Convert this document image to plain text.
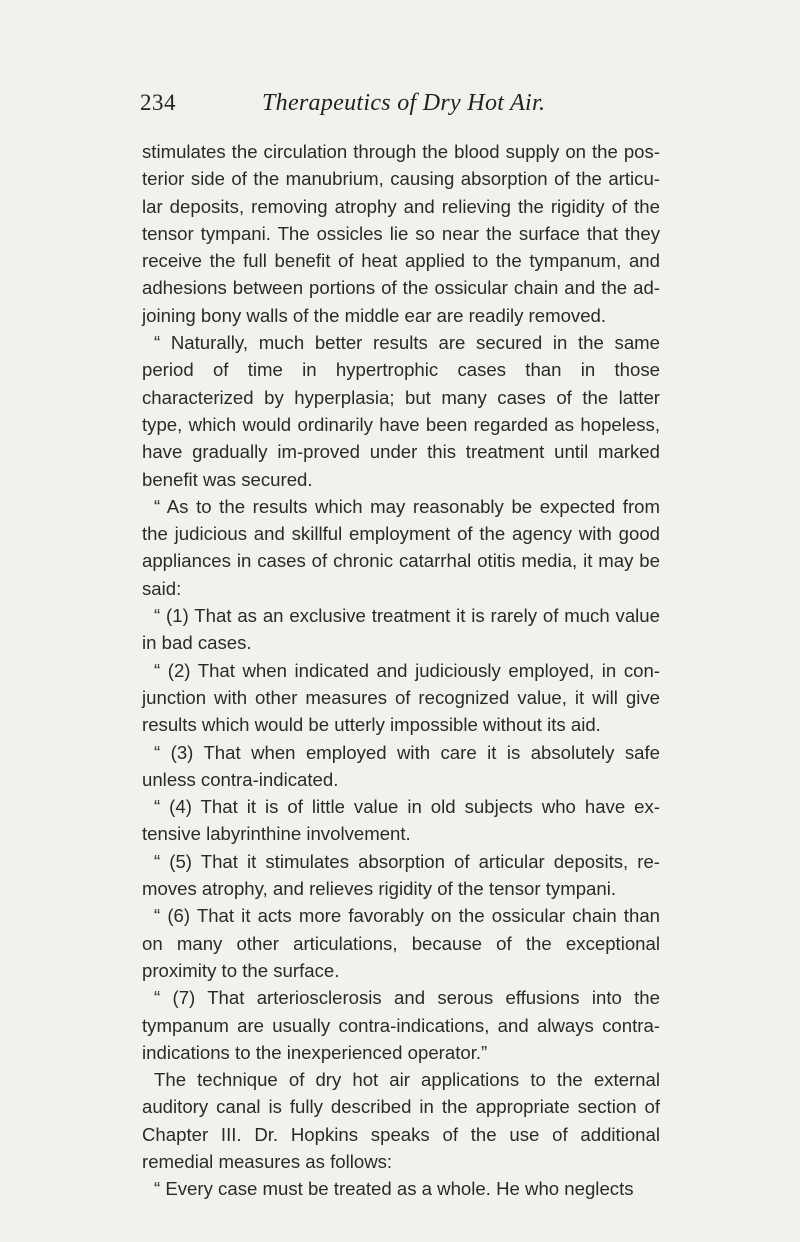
234	Therapeutics of Dry Hot Air.

stimulates the circulation through the blood supply on the pos-terior side of the manubrium, causing absorption of the articu-lar deposits, removing atrophy and relieving the rigidity of the tensor tympani. The ossicles lie so near the surface that they receive the full benefit of heat applied to the tympanum, and adhesions between portions of the ossicular chain and the ad-joining bony walls of the middle ear are readily removed.

“ Naturally, much better results are secured in the same period of time in hypertrophic cases than in those characterized by hyperplasia; but many cases of the latter type, which would ordinarily have been regarded as hopeless, have gradually im-proved under this treatment until marked benefit was secured.

“ As to the results which may reasonably be expected from the judicious and skillful employment of the agency with good appliances in cases of chronic catarrhal otitis media, it may be said:

“ (1) That as an exclusive treatment it is rarely of much value in bad cases.

“ (2) That when indicated and judiciously employed, in con-junction with other measures of recognized value, it will give results which would be utterly impossible without its aid.

“ (3) That when employed with care it is absolutely safe unless contra-indicated.

“ (4) That it is of little value in old subjects who have ex-tensive labyrinthine involvement.

“ (5) That it stimulates absorption of articular deposits, re-moves atrophy, and relieves rigidity of the tensor tympani.

“ (6) That it acts more favorably on the ossicular chain than on many other articulations, because of the exceptional proximity to the surface.

“ (7) That arteriosclerosis and serous effusions into the tympanum are usually contra-indications, and always contra-indications to the inexperienced operator.”

The technique of dry hot air applications to the external auditory canal is fully described in the appropriate section of Chapter III. Dr. Hopkins speaks of the use of additional remedial measures as follows:

“ Every case must be treated as a whole. He who neglects
